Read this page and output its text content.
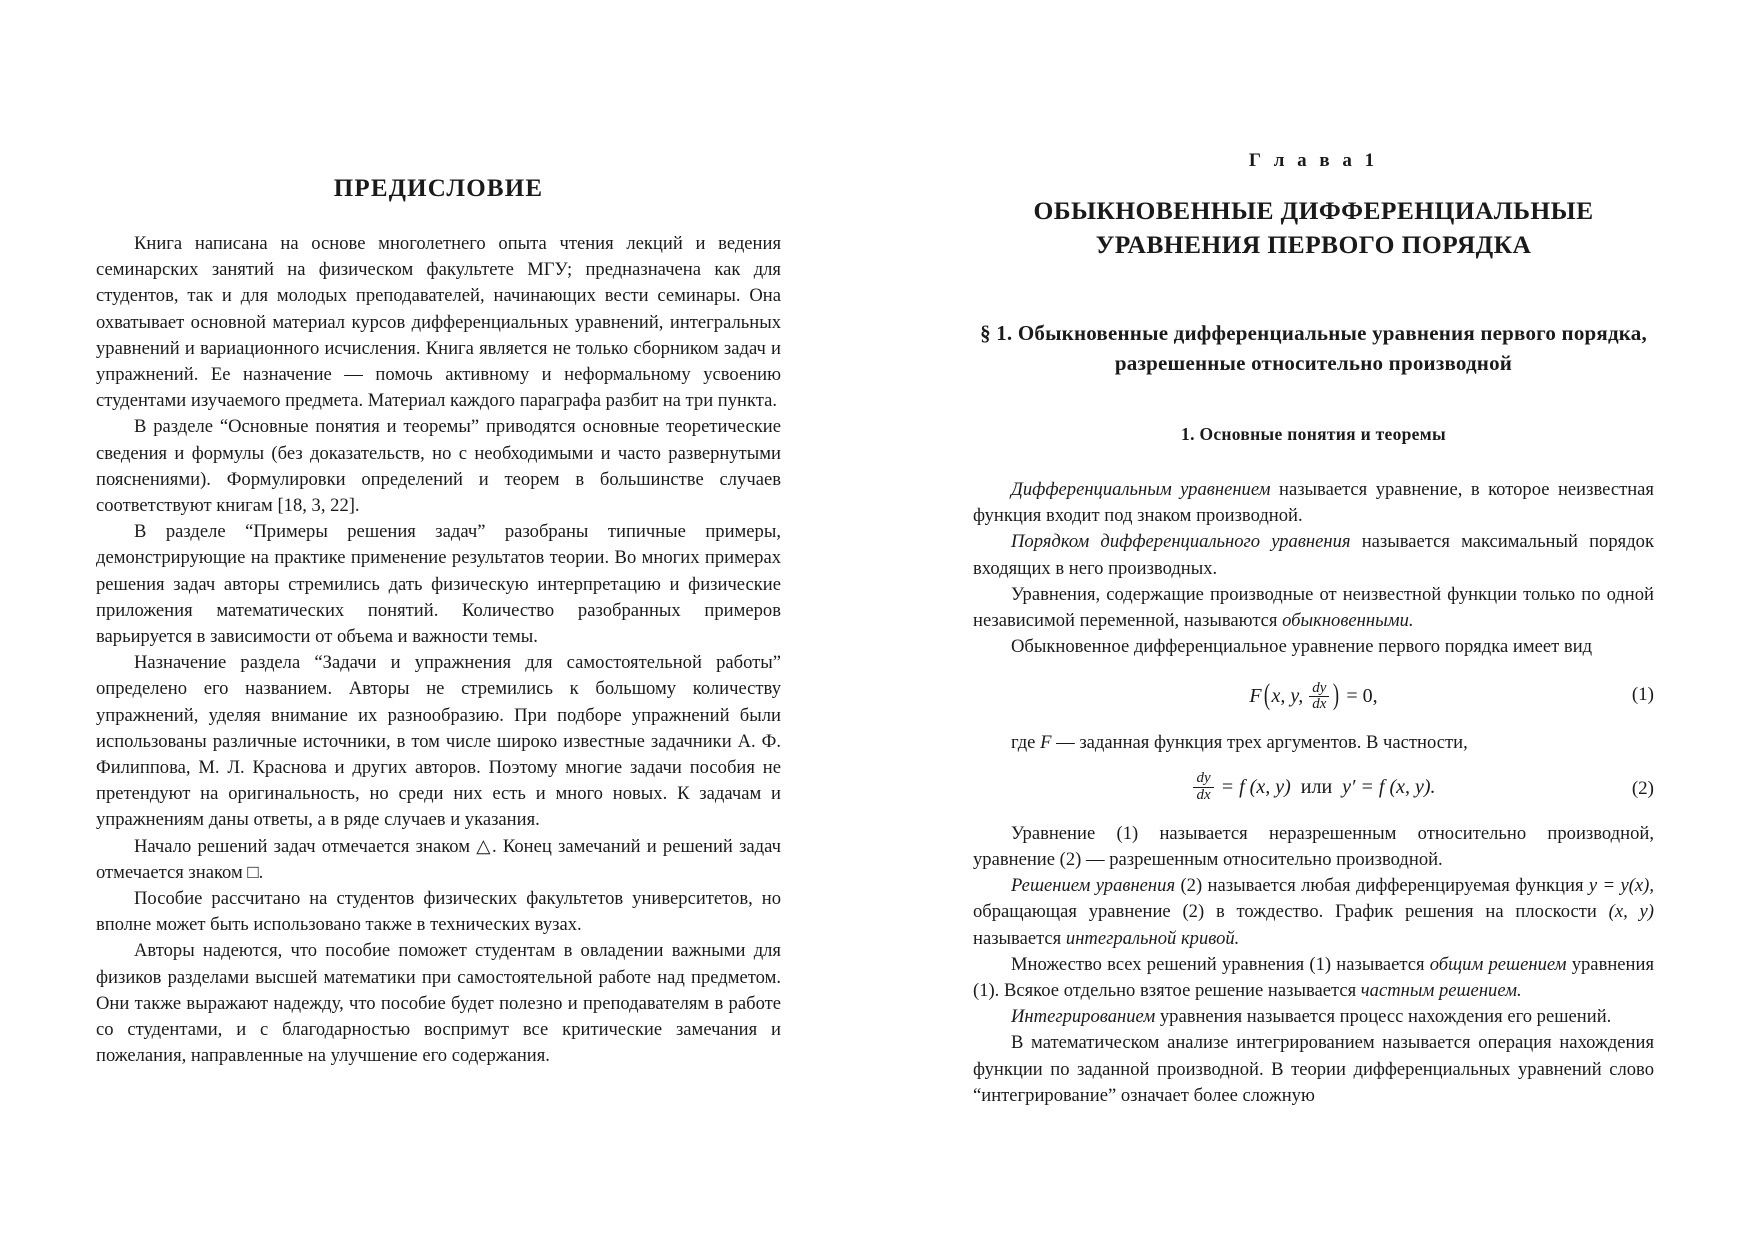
ПРЕДИСЛОВИЕ

Книга написана на основе многолетнего опыта чтения лекций и ведения семинарских занятий на физическом факультете МГУ; предназначена как для студентов, так и для молодых преподавателей, начинающих вести семинары. Она охватывает основной материал курсов дифференциальных уравнений, интегральных уравнений и вариационного исчисления. Книга является не только сборником задач и упражнений. Ее назначение — помочь активному и неформальному усвоению студентами изучаемого предмета. Материал каждого параграфа разбит на три пункта.

В разделе “Основные понятия и теоремы” приводятся основные теоретические сведения и формулы (без доказательств, но с необходимыми и часто развернутыми пояснениями). Формулировки определений и теорем в большинстве случаев соответствуют книгам [18, 3, 22].

В разделе “Примеры решения задач” разобраны типичные примеры, демонстрирующие на практике применение результатов теории. Во многих примерах решения задач авторы стремились дать физическую интерпретацию и физические приложения математических понятий. Количество разобранных примеров варьируется в зависимости от объема и важности темы.

Назначение раздела “Задачи и упражнения для самостоятельной работы” определено его названием. Авторы не стремились к большому количеству упражнений, уделяя внимание их разнообразию. При подборе упражнений были использованы различные источники, в том числе широко известные задачники А. Ф. Филиппова, М. Л. Краснова и других авторов. Поэтому многие задачи пособия не претендуют на оригинальность, но среди них есть и много новых. К задачам и упражнениям даны ответы, а в ряде случаев и указания.

Начало решений задач отмечается знаком △. Конец замечаний и решений задач отмечается знаком □.

Пособие рассчитано на студентов физических факультетов университетов, но вполне может быть использовано также в технических вузах.

Авторы надеются, что пособие поможет студентам в овладении важными для физиков разделами высшей математики при самостоятельной работе над предметом. Они также выражают надежду, что пособие будет полезно и преподавателям в работе со студентами, и с благодарностью воспримут все критические замечания и пожелания, направленные на улучшение его содержания.

Г л а в а 1
ОБЫКНОВЕННЫЕ ДИФФЕРЕНЦИАЛЬНЫЕ УРАВНЕНИЯ ПЕРВОГО ПОРЯДКА
§ 1. Обыкновенные дифференциальные уравнения первого порядка, разрешенные относительно производной
1. Основные понятия и теоремы

Дифференциальным уравнением называется уравнение, в которое неизвестная функция входит под знаком производной.

Порядком дифференциального уравнения называется максимальный порядок входящих в него производных.

Уравнения, содержащие производные от неизвестной функции только по одной независимой переменной, называются обыкновенными.

Обыкновенное дифференциальное уравнение первого порядка имеет вид

F(x, y,  $\frac{dy}{dx}$ ) = 0,	(1)

где F — заданная функция трех аргументов. В частности,

$\frac{dy}{dx} = f$ (x, y) или y′ = f (x, y).	(2)

Уравнение (1) называется неразрешенным относительно производной, уравнение (2) — разрешенным относительно производной.

Решением уравнения (2) называется любая дифференцируемая функция y = y(x), обращающая уравнение (2) в тождество. График решения на плоскости (x, y) называется интегральной кривой.

Множество всех решений уравнения (1) называется общим решением уравнения (1). Всякое отдельно взятое решение называется частным решением.

Интегрированием уравнения называется процесс нахождения его решений.

В математическом анализе интегрированием называется операция нахождения функции по заданной производной. В теории дифференциальных уравнений слово “интегрирование” означает более сложную
